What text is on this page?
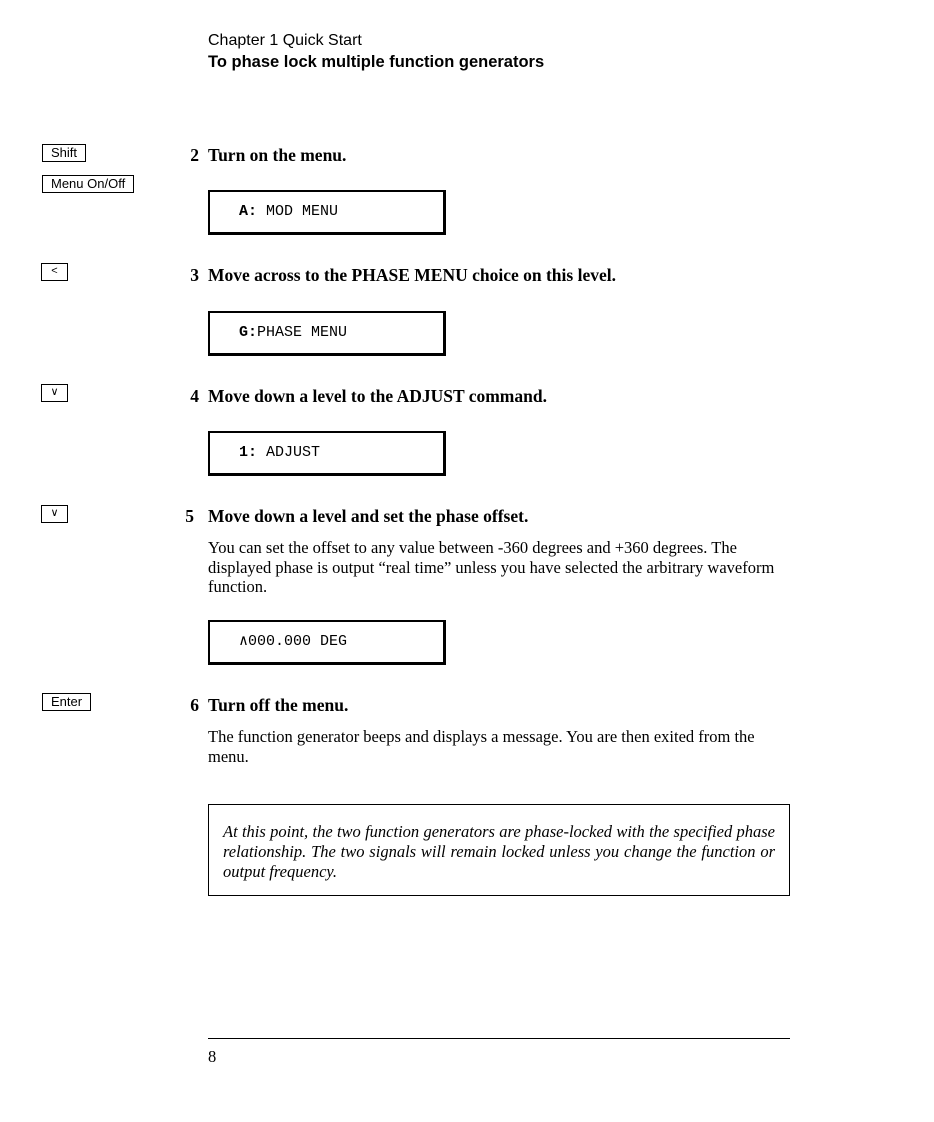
Chapter 1 Quick Start
To phase lock multiple function generators
Shift
Menu On/Off
2 Turn on the menu.
A: MOD MENU
<	3 Move across to the PHASE MENU choice on this level.
G:PHASE MENU
∨	4 Move down a level to the ADJUST command.
1: ADJUST
∨	5 Move down a level and set the phase offset.
You can set the offset to any value between -360 degrees and +360 degrees. The displayed phase is output “real time” unless you have selected the arbitrary waveform function.
∧000.000 DEG
Enter	6 Turn off the menu.
The function generator beeps and displays a message. You are then exited from the menu.
At this point, the two function generators are phase-locked with the specified phase relationship. The two signals will remain locked unless you change the function or output frequency.
8
